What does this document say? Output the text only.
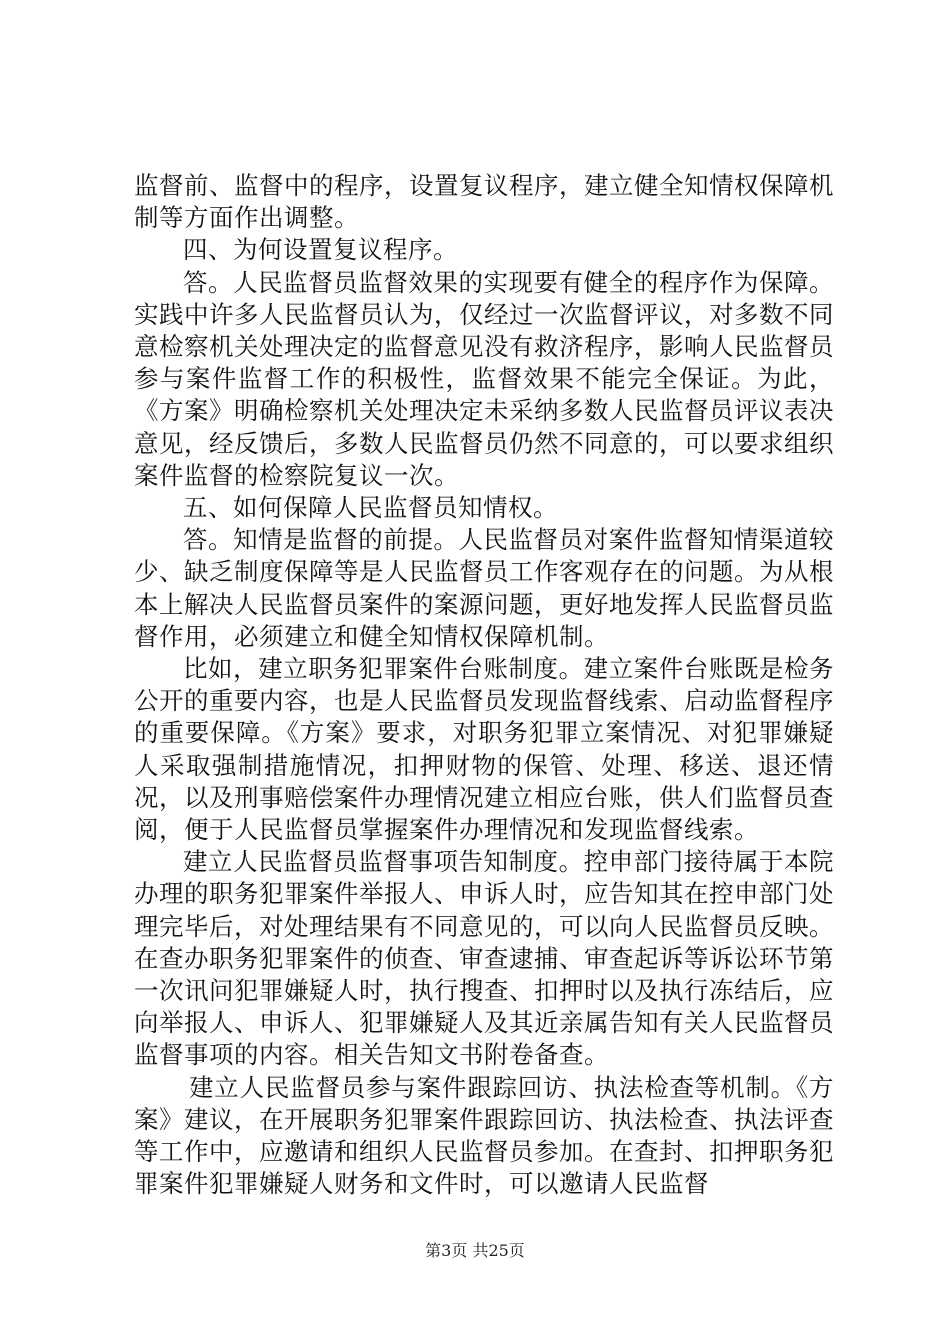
监督前、监督中的程序，设置复议程序，建立健全知情权保障机制等方面作出调整。

四、为何设置复议程序。

答。人民监督员监督效果的实现要有健全的程序作为保障。实践中许多人民监督员认为，仅经过一次监督评议，对多数不同意检察机关处理决定的监督意见没有救济程序，影响人民监督员参与案件监督工作的积极性，监督效果不能完全保证。为此，《方案》明确检察机关处理决定未采纳多数人民监督员评议表决意见，经反馈后，多数人民监督员仍然不同意的，可以要求组织案件监督的检察院复议一次。

五、如何保障人民监督员知情权。

答。知情是监督的前提。人民监督员对案件监督知情渠道较少、缺乏制度保障等是人民监督员工作客观存在的问题。为从根本上解决人民监督员案件的案源问题，更好地发挥人民监督员监督作用，必须建立和健全知情权保障机制。

比如，建立职务犯罪案件台账制度。建立案件台账既是检务公开的重要内容，也是人民监督员发现监督线索、启动监督程序的重要保障。《方案》要求，对职务犯罪立案情况、对犯罪嫌疑人采取强制措施情况，扣押财物的保管、处理、移送、退还情况，以及刑事赔偿案件办理情况建立相应台账，供人们监督员查阅，便于人民监督员掌握案件办理情况和发现监督线索。

建立人民监督员监督事项告知制度。控申部门接待属于本院办理的职务犯罪案件举报人、申诉人时，应告知其在控申部门处理完毕后，对处理结果有不同意见的，可以向人民监督员反映。在查办职务犯罪案件的侦查、审查逮捕、审查起诉等诉讼环节第一次讯问犯罪嫌疑人时，执行搜查、扣押时以及执行冻结后，应向举报人、申诉人、犯罪嫌疑人及其近亲属告知有关人民监督员监督事项的内容。相关告知文书附卷备查。

建立人民监督员参与案件跟踪回访、执法检查等机制。《方案》建议，在开展职务犯罪案件跟踪回访、执法检查、执法评查等工作中，应邀请和组织人民监督员参加。在查封、扣押职务犯罪案件犯罪嫌疑人财务和文件时，可以邀请人民监督

第3页 共25页
